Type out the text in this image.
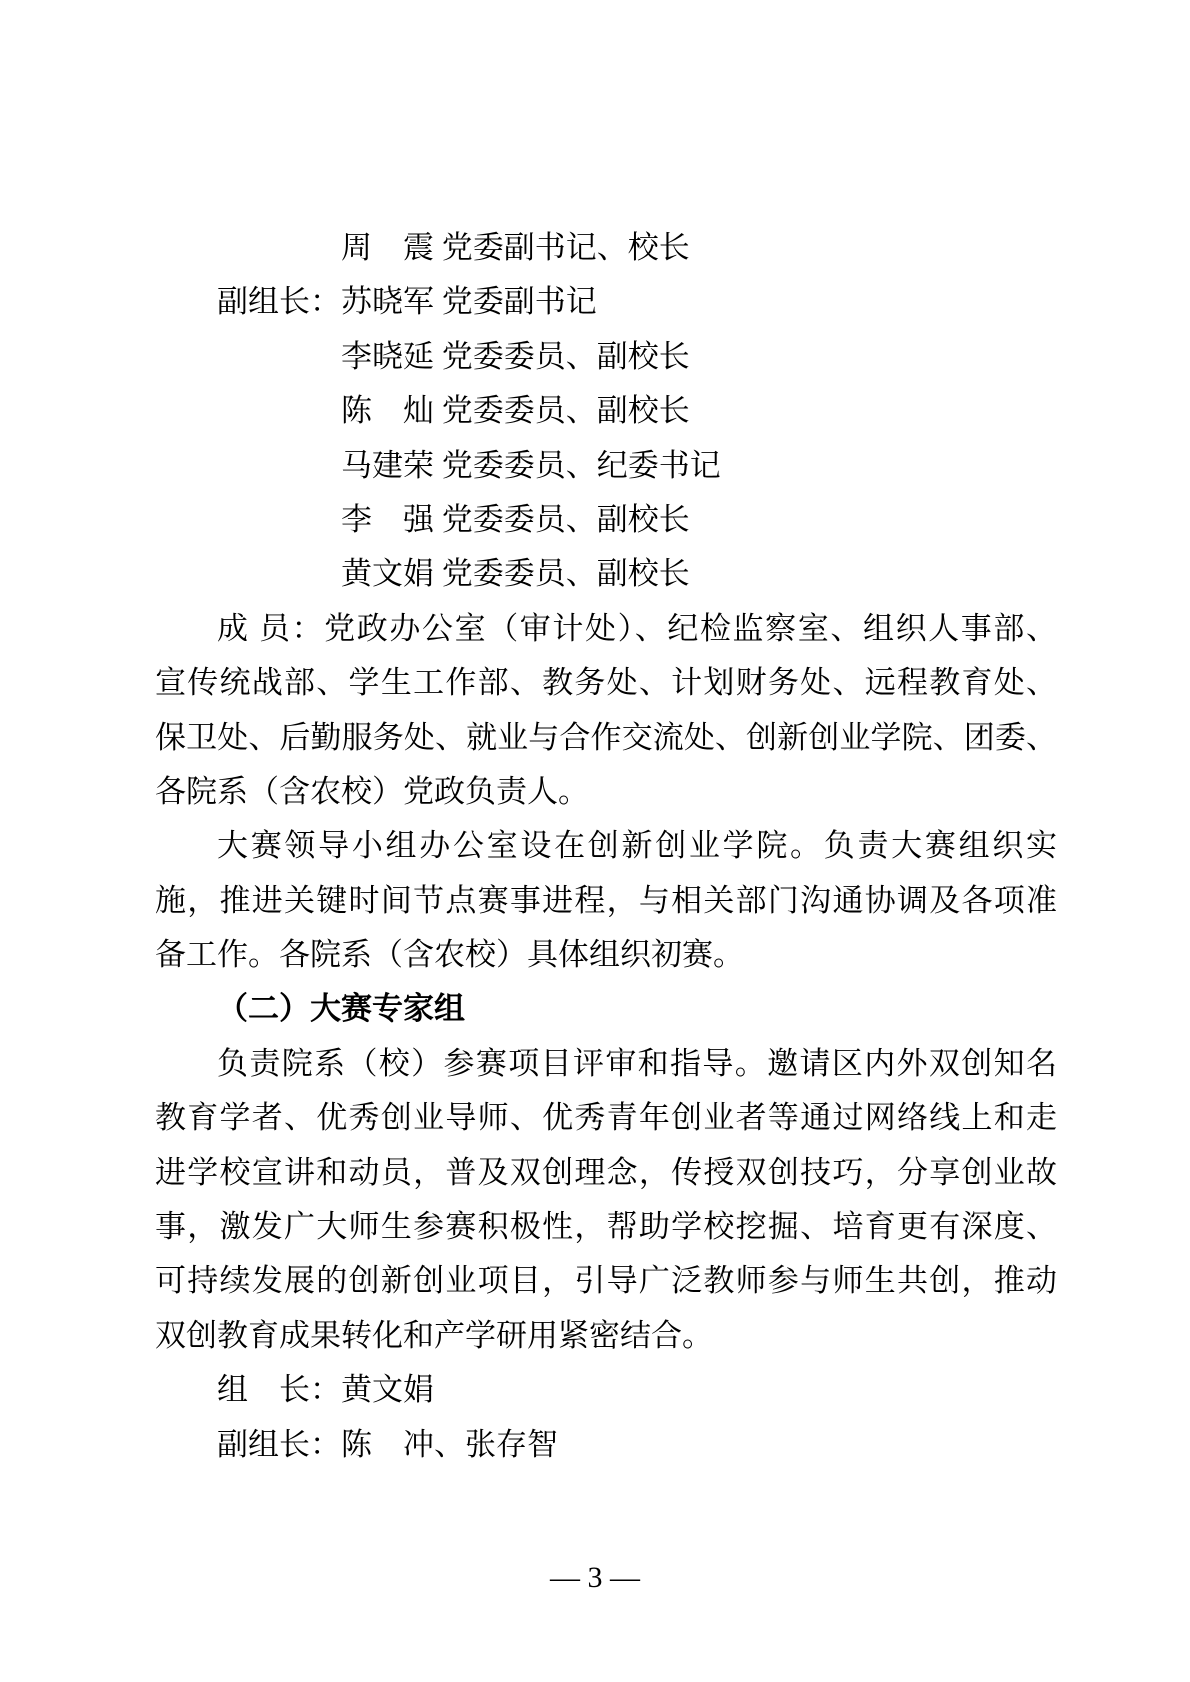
周　震 党委副书记、校长

副组长：苏晓军 党委副书记

李晓延 党委委员、副校长

陈　灿 党委委员、副校长

马建荣 党委委员、纪委书记

李　强 党委委员、副校长

黄文娟 党委委员、副校长

成 员：党政办公室（审计处）、纪检监察室、组织人事部、

宣传统战部、学生工作部、教务处、计划财务处、远程教育处、

保卫处、后勤服务处、就业与合作交流处、创新创业学院、团委、

各院系（含农校）党政负责人。

大赛领导小组办公室设在创新创业学院。负责大赛组织实

施，推进关键时间节点赛事进程，与相关部门沟通协调及各项准

备工作。各院系（含农校）具体组织初赛。

（二）大赛专家组

负责院系（校）参赛项目评审和指导。邀请区内外双创知名

教育学者、优秀创业导师、优秀青年创业者等通过网络线上和走

进学校宣讲和动员，普及双创理念，传授双创技巧，分享创业故

事，激发广大师生参赛积极性，帮助学校挖掘、培育更有深度、

可持续发展的创新创业项目，引导广泛教师参与师生共创，推动

双创教育成果转化和产学研用紧密结合。

组　长：黄文娟

副组长：陈　冲、张存智

— 3 —
